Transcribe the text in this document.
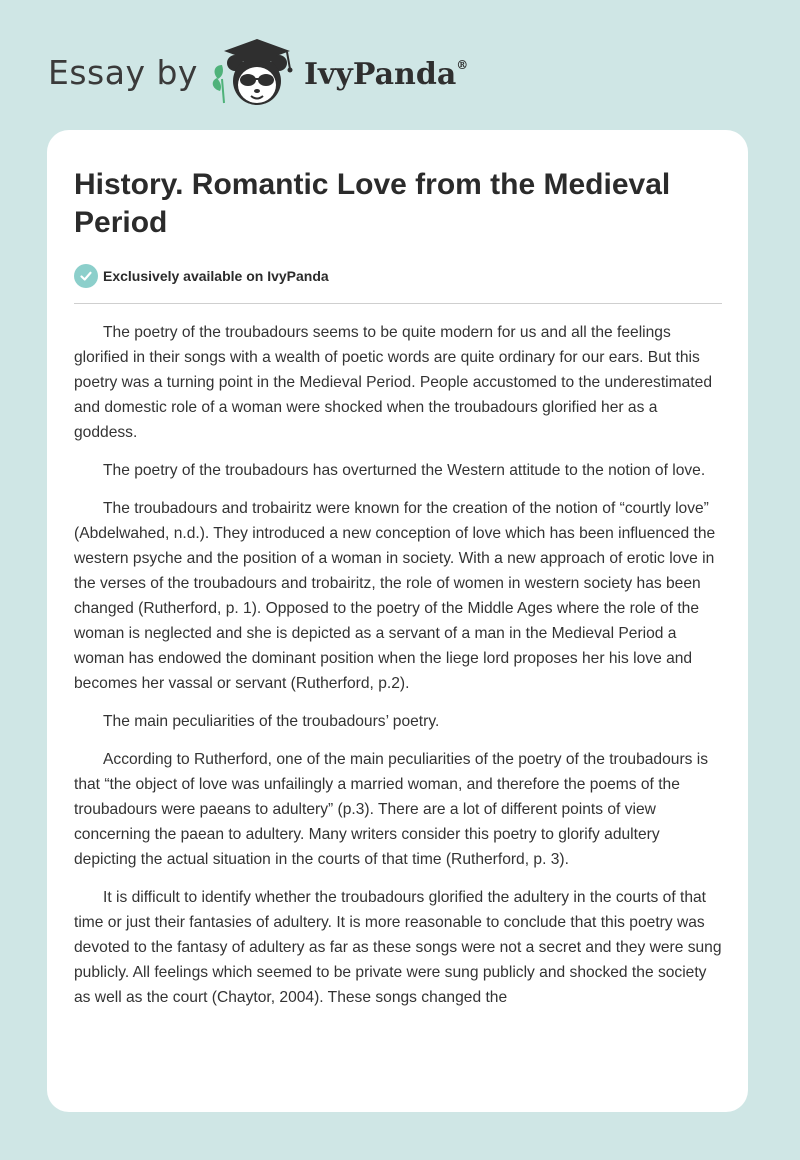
Essay by	IvyPanda®
History. Romantic Love from the Medieval Period
Exclusively available on IvyPanda

The poetry of the troubadours seems to be quite modern for us and all the feelings glorified in their songs with a wealth of poetic words are quite ordinary for our ears. But this poetry was a turning point in the Medieval Period. People accustomed to the underestimated and domestic role of a woman were shocked when the troubadours glorified her as a goddess.

The poetry of the troubadours has overturned the Western attitude to the notion of love.

The troubadours and trobairitz were known for the creation of the notion of “courtly love” (Abdelwahed, n.d.). They introduced a new conception of love which has been influenced the western psyche and the position of a woman in society. With a new approach of erotic love in the verses of the troubadours and trobairitz, the role of women in western society has been changed (Rutherford, p. 1). Opposed to the poetry of the Middle Ages where the role of the woman is neglected and she is depicted as a servant of a man in the Medieval Period a woman has endowed the dominant position when the liege lord proposes her his love and becomes her vassal or servant (Rutherford, p.2).

The main peculiarities of the troubadours’ poetry.

According to Rutherford, one of the main peculiarities of the poetry of the troubadours is that “the object of love was unfailingly a married woman, and therefore the poems of the troubadours were paeans to adultery” (p.3). There are a lot of different points of view concerning the paean to adultery. Many writers consider this poetry to glorify adultery depicting the actual situation in the courts of that time (Rutherford, p. 3).

It is difficult to identify whether the troubadours glorified the adultery in the courts of that time or just their fantasies of adultery. It is more reasonable to conclude that this poetry was devoted to the fantasy of adultery as far as these songs were not a secret and they were sung publicly. All feelings which seemed to be private were sung publicly and shocked the society as well as the court (Chaytor, 2004). These songs changed the
